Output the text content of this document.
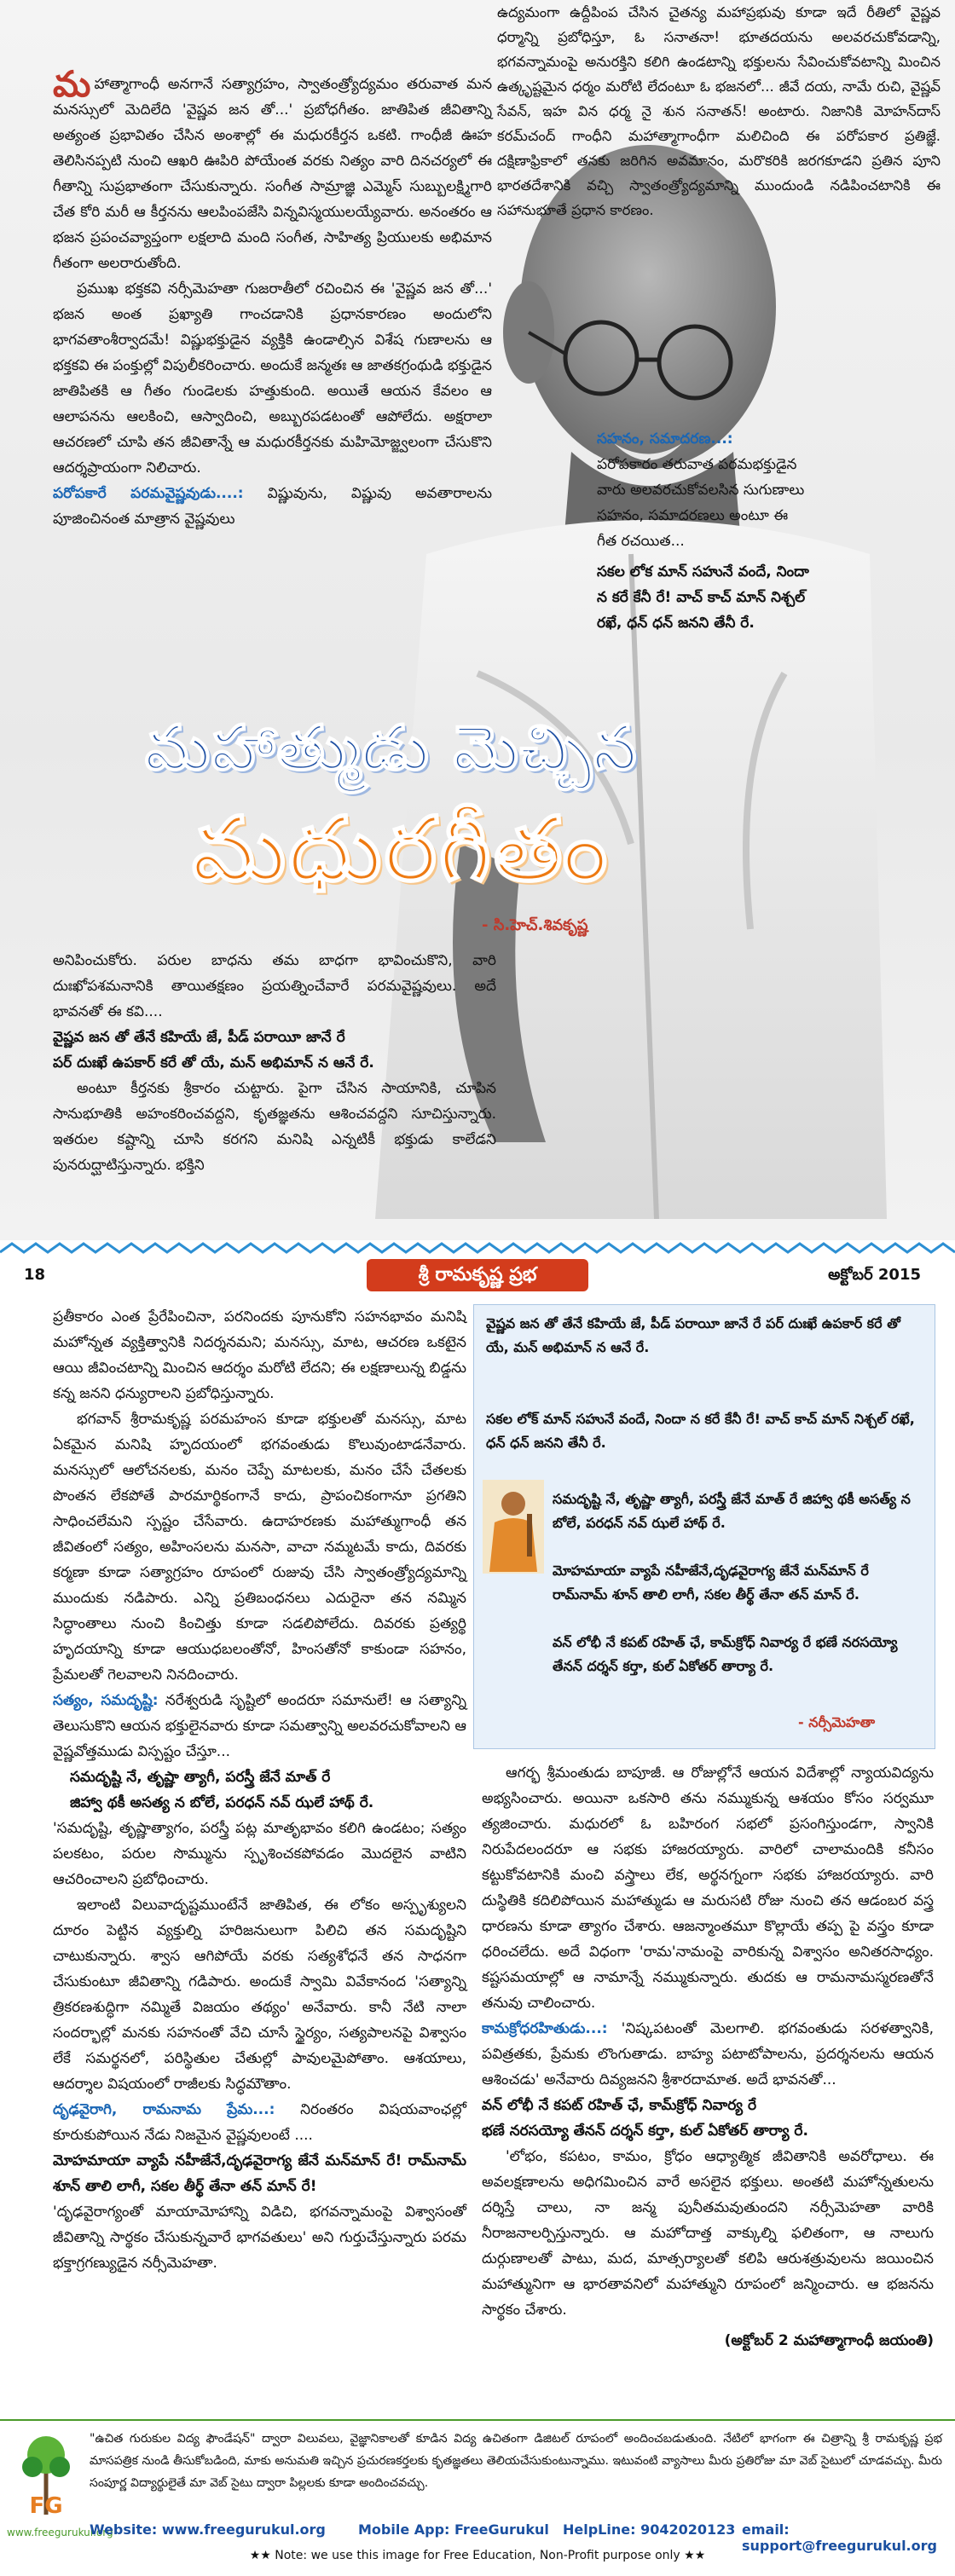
మహాత్మాగాంధీ అనగానే సత్యాగ్రహం, స్వాతంత్ర్యోద్యమం తరువాత మన మనస్సులో మెదిలేది 'వైష్ణవ జన తో...' ప్రబోధగీతం. జాతిపిత జీవితాన్ని అత్యంత ప్రభావితం చేసిన అంశాల్లో ఈ మధురకీర్తన ఒకటి. గాంధీజీ ఊహ తెలిసినప్పటి నుంచి ఆఖరి ఊపిరి పోయేంత వరకు నిత్యం వారి దినచర్యలో ఈ గీతాన్ని సుప్రభాతంగా చేసుకున్నారు. సంగీత సామ్రాజ్ఞి ఎమ్మెస్ సుబ్బులక్ష్మిగారి చేత కోరి మరీ ఆ కీర్తనను ఆలపింపజేసి విన్నవిస్మయులయ్యేవారు. అనంతరం ఆ భజన ప్రపంచవ్యాప్తంగా లక్షలాది మంది సంగీత, సాహిత్య ప్రియులకు అభిమాన గీతంగా అలరారుతోంది.

ప్రముఖ భక్తకవి నర్సీమెహతా గుజరాతీలో రచించిన ఈ 'వైష్ణవ జన తో...' భజన అంత ప్రఖ్యాతి గాంచడానికి ప్రధానకారణం అందులోని భాగవతాంశీర్వాదమే! విష్ణుభక్తుడైన వ్యక్తికి ఉండాల్సిన విశేష గుణాలను ఆ భక్తకవి ఈ పంక్తుల్లో విపులీకరించారు. అందుకే జన్మతః ఆ జాతకగ్రంథుడి భక్తుడైన జాతిపితకి ఆ గీతం గుండెలకు హత్తుకుంది. అయితే ఆయన కేవలం ఆ ఆలాపనను ఆలకించి, ఆస్వాదించి, అబ్బురపడటంతో ఆపోలేదు. అక్షరాలా ఆచరణలో చూపి తన జీవితాన్నే ఆ మధురకీర్తనకు మహిమోజ్జ్వలంగా చేసుకొని ఆదర్శప్రాయంగా నిలిచారు.

పరోపకారే పరమవైష్ణవుడు....: విష్ణువును, విష్ణువు అవతారాలను పూజించినంత మాత్రాన వైష్ణవులు

ఉద్యమంగా ఉద్దీపింప చేసిన చైతన్య మహాప్రభువు కూడా ఇదే రీతిలో వైష్ణవ ధర్మాన్ని ప్రబోధిస్తూ, ఓ సనాతనా! భూతదయను అలవరచుకోవడాన్ని, భగవన్నామంపై అనురక్తిని కలిగి ఉండటాన్ని భక్తులను సేవించుకోవటాన్ని మించిన ఉత్కృష్టమైన ధర్మం మరోటి లేదంటూ ఓ భజనలో... జీవే దయ, నామే రుచి, వైష్ణవ్ సేవన్, ఇహ విన ధర్మ నై శున సనాతన్! అంటారు. నిజానికి మోహన్‌దాస్ కరమ్‌చంద్ గాంధీని మహాత్మాగాంధీగా మలిచింది ఈ పరోపకార ప్రతిజ్ఞే. దక్షిణాఫ్రికాలో తనకు జరిగిన అవమానం, మరొకరికి జరగకూడని ప్రతిన పూని భారతదేశానికి వచ్చి స్వాతంత్ర్యోద్యమాన్ని ముందుండి నడిపించటానికి ఈ సహానుభూతే ప్రధాన కారణం.

సహనం, సమాదరణ...:
పరోపకారం తరువాత పరమభక్తుడైన వారు అలవరచుకోవలసిన సుగుణాలు సహనం, సమాదరణలు అంటూ ఈ గీత రచయిత...
సకల లోక మాన్ సహునే వందే, నిందా న కరే కేనీ రే! వాచ్ కాచ్ మాన్ నిశ్చల్ రఖే, ధన్ ధన్ జనని తేనీ రే.
మహాత్ముడు మెచ్చిన
మధురగీతం
- సి.హెచ్.శివకృష్ణ

అనిపించుకోరు. పరుల బాధను తమ బాధగా భావించుకొని, వారి దుఃఖోపశమనానికి తాయితక్షణం ప్రయత్నించేవారే పరమవైష్ణవులు. అదే భావనతో ఈ కవి....

వైష్ణవ జన తో తేనే కహియే జే, పీడ్ పరాయీ జానే రే

పర్ దుఃఖే ఉపకార్ కరే తో యే, మన్ అభిమాన్ న ఆనే రే.

అంటూ కీర్తనకు శ్రీకారం చుట్టారు. పైగా చేసిన సాయానికి, చూపిన సానుభూతికి అహంకరించవద్దని, కృతజ్ఞతను ఆశించవద్దని సూచిస్తున్నారు. ఇతరుల కష్టాన్ని చూసి కరగని మనిషి ఎన్నటికీ భక్తుడు కాలేడని పునరుద్ఘాటిస్తున్నారు. భక్తిని

18	శ్రీ రామకృష్ణ ప్రభ	అక్టోబర్ 2015

ప్రతీకారం ఎంత ప్రేరేపించినా, పరనిందకు పూనుకోని సహనభావం మనిషి మహోన్నత వ్యక్తిత్వానికి నిదర్శనమని; మనస్సు, మాట, ఆచరణ ఒకటైన ఆయి జీవించటాన్ని మించిన ఆదర్శం మరోటి లేదని; ఈ లక్షణాలున్న బిడ్డను కన్న జనని ధన్యురాలని ప్రబోధిస్తున్నారు.

భగవాన్ శ్రీరామకృష్ణ పరమహంస కూడా భక్తులతో మనస్సు, మాట ఏకమైన మనిషి హృదయంలో భగవంతుడు కొలువుంటాడనేవారు. మనస్సులో ఆలోచనలకు, మనం చెప్పే మాటలకు, మనం చేసే చేతలకు పొంతన లేకపోతే పారమార్థికంగానే కాదు, ప్రాపంచికంగానూ ప్రగతిని సాధించలేమని స్పష్టం చేసేవారు. ఉదాహరణకు మహాత్ముగాంధీ తన జీవితంలో సత్యం, అహింసలను మనసా, వాచా నమ్మటమే కాదు, దివరకు కర్మణా కూడా సత్యాగ్రహం రూపంలో రుజువు చేసి స్వాతంత్ర్యోద్యమాన్ని ముందుకు నడిపారు. ఎన్ని ప్రతిబంధనలు ఎదురైనా తన నమ్మిన సిద్ధాంతాలు నుంచి కించిత్తు కూడా సడలిపోలేదు. దివరకు ప్రత్యర్థి హృదయాన్ని కూడా ఆయుధబలంతోనో, హింసతోనో కాకుండా సహనం, ప్రేమలతో గెలవాలని నినదించారు.

సత్యం, సమదృష్టి: నరేశ్వరుడి సృష్టిలో అందరూ సమానులే! ఆ సత్యాన్ని తెలుసుకొని ఆయన భక్తులైనవారు కూడా సమత్వాన్ని అలవరచుకోవాలని ఆ వైష్ణవోత్తముడు విస్పష్టం చేస్తూ...

సమదృష్టి నే, తృష్ణా త్యాగీ, పరస్త్రీ జేనే మాత్ రే

జిహ్వా థకీ అసత్య న బోలే, పరధన్ నవ్ ఝలే హాథ్ రే.

'సమదృష్టి, తృష్ణాత్యాగం, పరస్త్రీ పట్ల మాతృభావం కలిగి ఉండటం; సత్యం పలకటం, పరుల సొమ్మును స్పృశించకపోవడం మొదలైన వాటిని ఆచరించాలని ప్రబోధించారు.

ఇలాంటి విలువాదృష్టముంటేనే జాతిపిత, ఈ లోకం అస్పృశ్యులని దూరం పెట్టిన వ్యక్తుల్ని హరిజనులుగా పిలిచి తన సమదృష్టిని చాటుకున్నారు. శ్వాస ఆగిపోయే వరకు సత్యశోధనే తన సాధనగా చేసుకుంటూ జీవితాన్ని గడిపారు. అందుకే స్వామి వివేకానంద 'సత్యాన్ని త్రికరణశుద్ధిగా నమ్మితే విజయం తథ్యం' అనేవారు. కానీ నేటి నాలా సందర్భాల్లో మనకు సహనంతో వేచి చూసే స్థైర్యం, సత్యపాలనపై విశ్వాసం లేకే సమర్థనలో, పరిస్థితుల చేతుల్లో పావులమైపోతాం. ఆశయాలు, ఆదర్శాల విషయంలో రాజీలకు సిద్ధమౌతాం.

దృఢవైరాగి, రామనామ ప్రేమ...: నిరంతరం విషయవాంఛల్లో కూరుకుపోయిన నేడు నిజమైన వైష్ణవులంటే ....

మోహమాయా వ్యాపే నహీజేనే,దృఢవైరాగ్య జేనే మన్‌మాన్ రే! రామ్‌నామ్ శూన్ తాలి లాగీ, సకల తీర్థ్ తేనా తన్ మాన్ రే!

'దృఢవైరాగ్యంతో మాయామోహాన్ని విడిచి, భగవన్నామంపై విశ్వాసంతో జీవితాన్ని సార్థకం చేసుకున్నవారే భాగవతులు' అని గుర్తుచేస్తున్నారు పరమ భక్తాగ్రగణ్యుడైన నర్సీమెహతా.

వైష్ణవ జన తో తేనే కహియే జే, పీడ్ పరాయీ జానే రే పర్ దుఃఖే ఉపకార్ కరే తో యే, మన్ అభిమాన్ న ఆనే రే.
సకల లోక్ మాన్ సహునే వందే, నిందా న కరే కేనీ రే! వాచ్ కాచ్ మాన్ నిశ్చల్ రఖే, ధన్ ధన్ జనని తేనీ రే.
సమదృష్టి నే, తృష్ణా త్యాగీ, పరస్త్రీ జేనే మాత్ రే జిహ్వా థకీ అసత్య్ న బోలే, పరధన్ నవ్ ఝలే హాథ్ రే.
మోహమాయా వ్యాపే నహీజేనే,దృఢవైరాగ్య జేనే మన్‌మాన్ రే రామ్‌నామ్ శూన్ తాలి లాగీ, సకల తీర్థ్ తేనా తన్ మాన్ రే.
వన్ లోభీ నే కపట్ రహిత్ ఛే, కామ్‌క్రోధ్ నివార్య రే భణే నరసయ్యో తేనన్ దర్శన్ కర్తా, కుల్ ఏకోతర్ తార్యా రే.
- నర్సీమెహతా

ఆగర్భ శ్రీమంతుడు బాపూజీ. ఆ రోజుల్లోనే ఆయన విదేశాల్లో న్యాయవిద్యను అభ్యసించారు. అయినా ఒకసారి తను నమ్ముకున్న ఆశయం కోసం సర్వమూ త్యజించారు. మధురలో ఓ బహిరంగ సభలో ప్రసంగిస్తుండగా, స్వానికి నిరుపేదలందరూ ఆ సభకు హాజరయ్యారు. వారిలో చాలామందికి కనీసం కట్టుకోవటానికి మంచి వస్త్రాలు లేక, అర్థనగ్నంగా సభకు హాజరయ్యారు. వారి దుస్థితికి కదిలిపోయిన మహాత్ముడు ఆ మరుసటి రోజు నుంచి తన ఆడంబర వస్త్ర ధారణను కూడా త్యాగం చేశారు. ఆజన్మాంతమూ కొల్లాయే తప్ప పై వస్త్రం కూడా ధరించలేదు. అదే విధంగా 'రామ'నామంపై వారికున్న విశ్వాసం అనితరసాధ్యం. కష్టసమయాల్లో ఆ నామాన్నే నమ్ముకున్నారు. తుదకు ఆ రామనామస్మరణతోనే తనువు చాలించారు.

కామక్రోధరహితుడు...: 'నిష్కపటంతో మెలగాలి. భగవంతుడు సరళత్వానికి, పవిత్రతకు, ప్రేమకు లొంగుతాడు. బాహ్య పటాటోపాలను, ప్రదర్శనలను ఆయన ఆశించడు' అనేవారు దివ్యజనని శ్రీశారదామాత. అదే భావనతో...

వన్ లోభీ నే కపట్ రహిత్ ఛే, కామ్‌క్రోధ్ నివార్య రే

భణే నరసయ్యో తేనన్ దర్శన్ కర్తా, కుల్ ఏకోతర్ తార్యా రే.

'లోభం, కపటం, కామం, క్రోధం ఆధ్యాత్మిక జీవితానికి అవరోధాలు. ఈ అవలక్షణాలను అధిగమించిన వారే అసలైన భక్తులు. అంతటి మహోన్నతులను దర్శిస్తే చాలు, నా జన్మ పునీతమవుతుందని నర్సీమెహతా వారికి నీరాజనాలర్పిస్తున్నారు. ఆ మహోదాత్త వాక్కుల్ని ఫలితంగా, ఆ నాలుగు దుర్గుణాలతో పాటు, మద, మాత్సర్యాలతో కలిపి ఆరుశత్రువులను జయించిన మహాత్మునిగా ఆ భారతావనిలో మహాత్ముని రూపంలో జన్మించారు. ఆ భజనను సార్థకం చేశారు.

(అక్టోబర్ 2 మహాత్మాగాంధీ జయంతి)

FG
www.freegurukul.org
"ఉచిత గురుకుల విద్య ఫౌండేషన్" ద్వారా విలువలు, వైజ్ఞానికాలతో కూడిన విద్య ఉచితంగా డిజిటల్ రూపంలో అందించబడుతుంది. నేటిలో భాగంగా ఈ చిత్రాన్ని శ్రీ రామకృష్ణ ప్రభ మాసపత్రిక నుండి తీసుకోబడింది, మాకు అనుమతి ఇచ్చిన ప్రచురణకర్తలకు కృతజ్ఞతలు తెలియచేసుకుంటున్నాము. ఇటువంటి వ్యాసాలు మీరు ప్రతిరోజు మా వెబ్ సైటులో చూడవచ్చు. మీరు సంపూర్ణ విద్యార్థులైతే మా వెబ్ సైటు ద్వారా పిల్లలకు కూడా అందించవచ్చు.
Website: www.freegurukul.org Mobile App: FreeGurukul HelpLine: 9042020123 email: support@freegurukul.org
★★ Note: we use this image for Free Education, Non-Profit purpose only ★★
